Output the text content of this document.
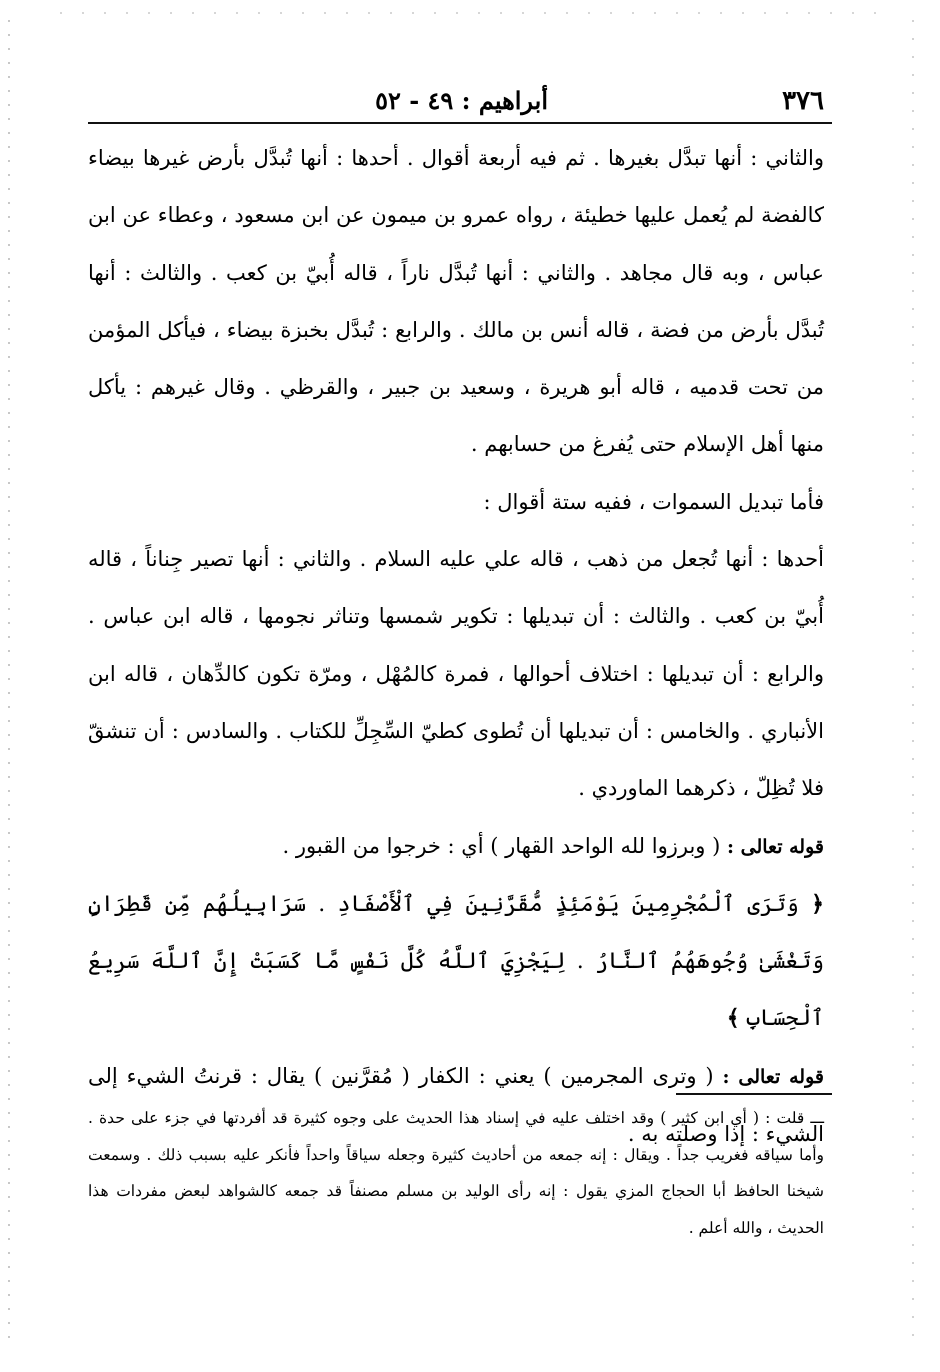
٣٧٦
أبراهيم : ٤٩ - ٥٢

والثاني : أنها تبدَّل بغيرها . ثم فيه أربعة أقوال . أحدها : أنها تُبدَّل بأرض غيرها بيضاء كالفضة لم يُعمل عليها خطيئة ، رواه عمرو بن ميمون عن ابن مسعود ، وعطاء عن ابن عباس ، وبه قال مجاهد . والثاني : أنها تُبدَّل ناراً ، قاله أُبيّ بن كعب . والثالث : أنها تُبدَّل بأرض من فضة ، قاله أنس بن مالك . والرابع : تُبدَّل بخبزة بيضاء ، فيأكل المؤمن من تحت قدميه ، قاله أبو هريرة ، وسعيد بن جبير ، والقرظي . وقال غيرهم : يأكل منها أهل الإسلام حتى يُفرغ من حسابهم .

فأما تبديل السموات ، ففيه ستة أقوال :

أحدها : أنها تُجعل من ذهب ، قاله علي عليه السلام . والثاني : أنها تصير جِناناً ، قاله أُبيّ بن كعب . والثالث : أن تبديلها : تكوير شمسها وتناثر نجومها ، قاله ابن عباس . والرابع : أن تبديلها : اختلاف أحوالها ، فمرة كالمُهْل ، ومرّة تكون كالدِّهان ، قاله ابن الأنباري . والخامس : أن تبديلها أن تُطوى كطيّ السِّجِلِّ للكتاب . والسادس : أن تنشقّ فلا تُظِلّ ، ذكرهما الماوردي .

قوله تعالى : ( وبرزوا لله الواحد القهار ) أي : خرجوا من القبور .

﴿ وَتَرَى ٱلْمُجْرِمِينَ يَوْمَئِذٍ مُّقَرَّنِينَ فِي ٱلْأَصْفَادِ . سَرَابِيلُهُم مِّن قَطِرَانٍ وَتَغْشَىٰ وُجُوهَهُمُ ٱلنَّارُ . لِيَجْزِيَ ٱللَّهُ كُلَّ نَفْسٍ مَّا كَسَبَتْ إِنَّ ٱللَّهَ سَرِيعُ ٱلْحِسَابِ ﴾

قوله تعالى : ( وترى المجرمين ) يعني : الكفار ( مُقرَّنين ) يقال : قرنتُ الشيء إلى الشيء : إذا وصلته به .

ـــ قلت : ( أي ابن كثير ) وقد اختلف عليه في إسناد هذا الحديث على وجوه كثيرة قد أفردتها في جزء على حدة . وأما سياقه فغريب جداً . ويقال : إنه جمعه من أحاديث كثيرة وجعله سياقاً واحداً فأنكر عليه بسبب ذلك . وسمعت شيخنا الحافظ أبا الحجاج المزي يقول : إنه رأى الوليد بن مسلم مصنفاً قد جمعه كالشواهد لبعض مفردات هذا الحديث ، والله أعلم .
